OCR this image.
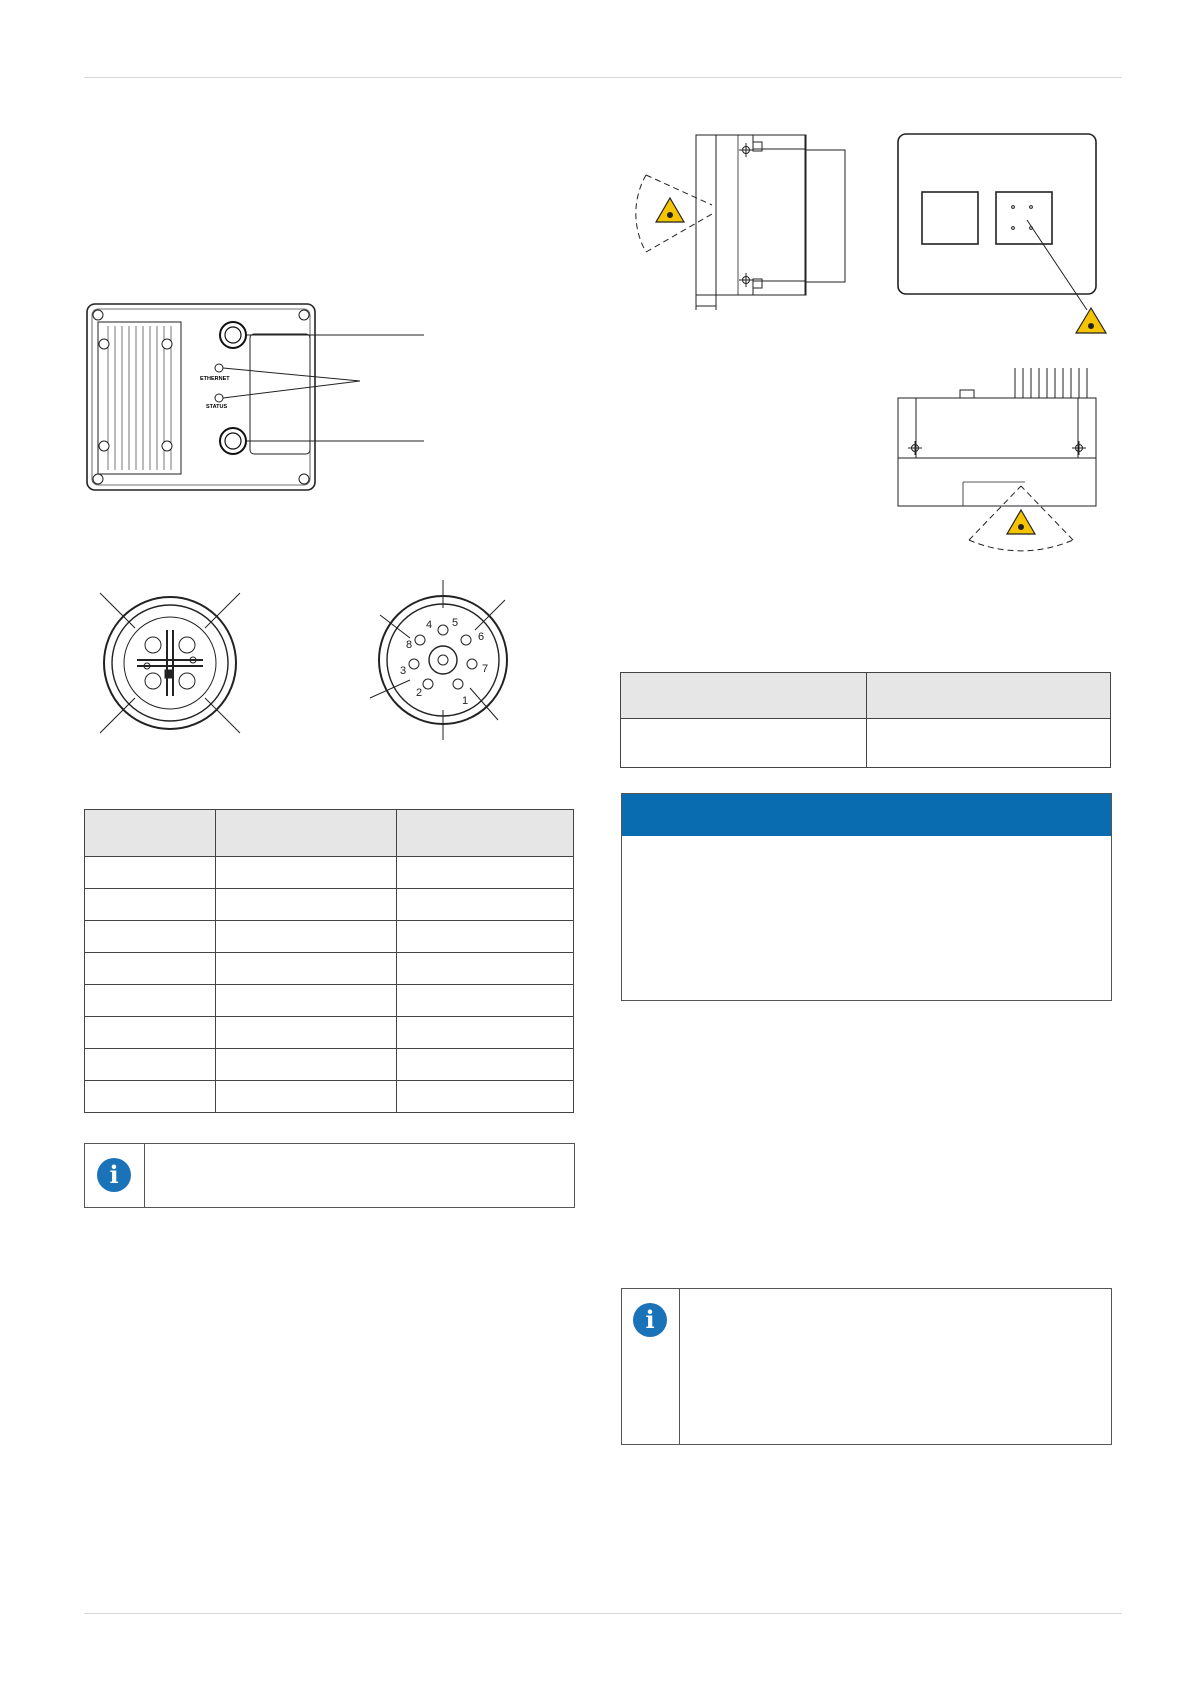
ETHERNET
STATUS
4 5
6
7
1
2
3
8

i

i
